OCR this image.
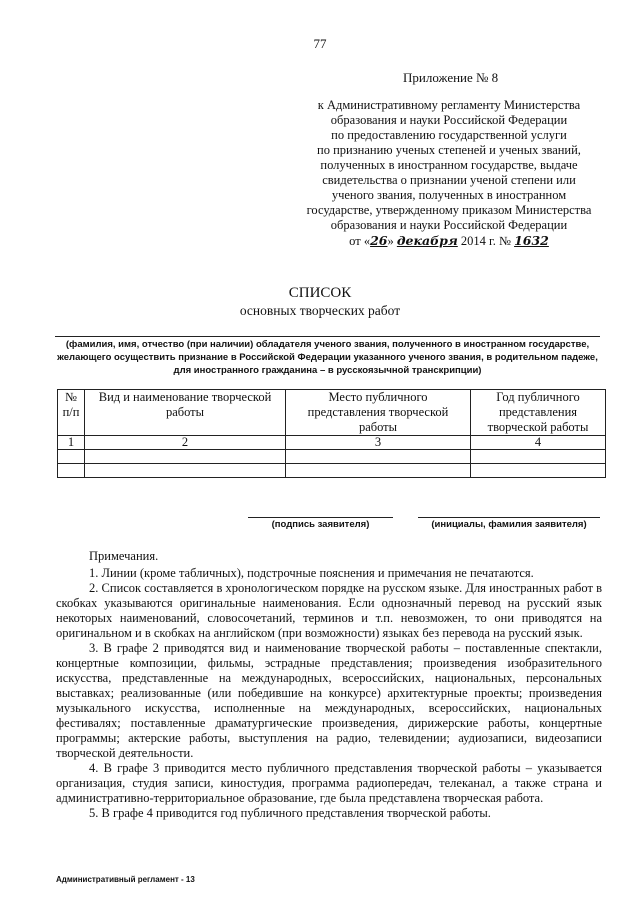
77
Приложение № 8
к Административному регламенту Министерства
образования и науки Российской Федерации
по предоставлению государственной услуги
по признанию ученых степеней и ученых званий,
полученных в иностранном государстве, выдаче
свидетельства о признании ученой степени или
ученого звания, полученных в иностранном
государстве, утвержденному приказом Министерства
образования и науки Российской Федерации
от «26» декабря 2014 г. № 1632
СПИСОК
основных творческих работ
(фамилия, имя, отчество (при наличии) обладателя ученого звания, полученного в иностранном государстве, желающего осуществить признание в Российской Федерации указанного ученого звания, в родительном падеже, для иностранного гражданина – в русскоязычной транскрипции)
№ п/п	Вид и наименование творческой работы	Место публичного представления творческой работы	Год публичного представления творческой работы
1	2	3	4

(подпись заявителя)	(инициалы, фамилия заявителя)

Примечания.

1. Линии (кроме табличных), подстрочные пояснения и примечания не печатаются.

2. Список составляется в хронологическом порядке на русском языке. Для иностранных работ в скобках указываются оригинальные наименования. Если однозначный перевод на русский язык некоторых наименований, словосочетаний, терминов и т.п. невозможен, то они приводятся на оригинальном и в скобках на английском (при возможности) языках без перевода на русский язык.

3. В графе 2 приводятся вид и наименование творческой работы – поставленные спектакли, концертные композиции, фильмы, эстрадные представления; произведения изобразительного искусства, представленные на международных, всероссийских, национальных, персональных выставках; реализованные (или победившие на конкурсе) архитектурные проекты; произведения музыкального искусства, исполненные на международных, всероссийских, национальных фестивалях; поставленные драматургические произведения, дирижерские работы, концертные программы; актерские работы, выступления на радио, телевидении; аудиозаписи, видеозаписи творческой деятельности.

4. В графе 3 приводится место публичного представления творческой работы – указывается организация, студия записи, киностудия, программа радиопередач, телеканал, а также страна и административно-территориальное образование, где была представлена творческая работа.

5. В графе 4 приводится год публичного представления творческой работы.

Административный регламент - 13
